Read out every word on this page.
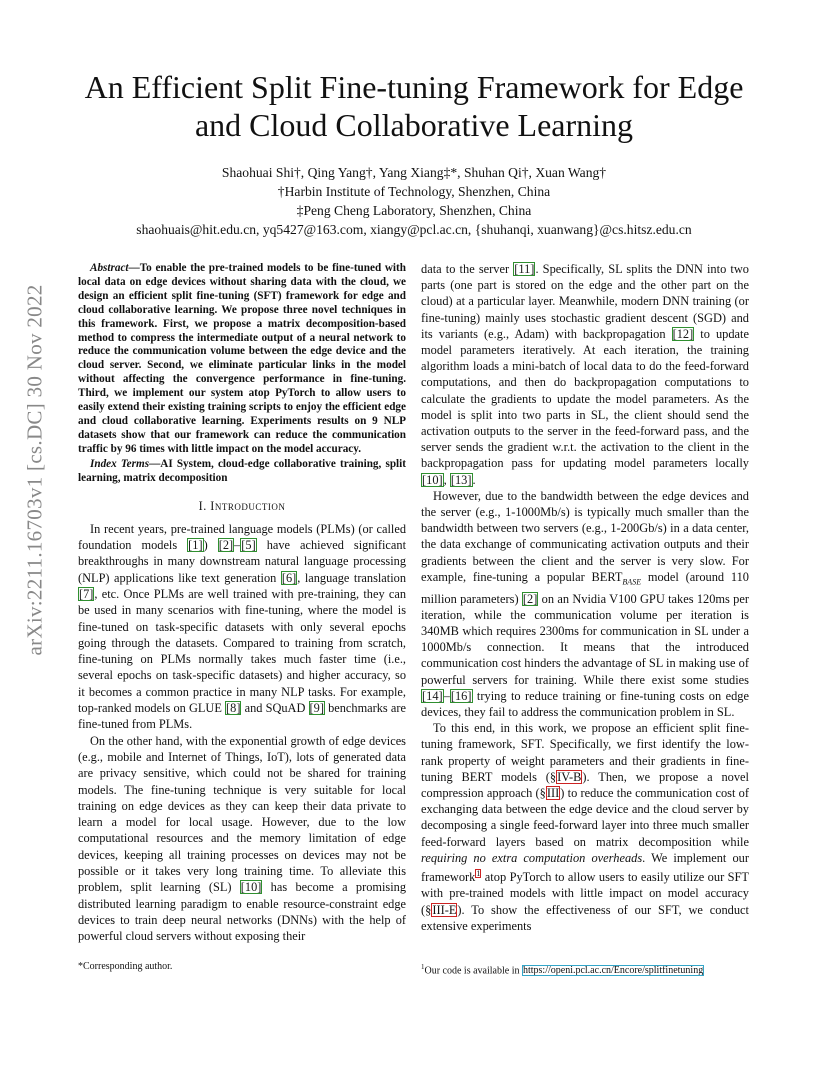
An Efficient Split Fine-tuning Framework for Edge
and Cloud Collaborative Learning
Shaohuai Shi†, Qing Yang†, Yang Xiang‡*, Shuhan Qi†, Xuan Wang†
†Harbin Institute of Technology, Shenzhen, China
‡Peng Cheng Laboratory, Shenzhen, China
shaohuais@hit.edu.cn, yq5427@163.com, xiangy@pcl.ac.cn, {shuhanqi, xuanwang}@cs.hitsz.edu.cn
arXiv:2211.16703v1 [cs.DC] 30 Nov 2022

Abstract—To enable the pre-trained models to be fine-tuned with local data on edge devices without sharing data with the cloud, we design an efficient split fine-tuning (SFT) framework for edge and cloud collaborative learning. We propose three novel techniques in this framework. First, we propose a matrix decomposition-based method to compress the intermediate output of a neural network to reduce the communication volume between the edge device and the cloud server. Second, we eliminate particular links in the model without affecting the convergence performance in fine-tuning. Third, we implement our system atop PyTorch to allow users to easily extend their existing training scripts to enjoy the efficient edge and cloud collaborative learning. Experiments results on 9 NLP datasets show that our framework can reduce the communication traffic by 96 times with little impact on the model accuracy.

Index Terms—AI System, cloud-edge collaborative training, split learning, matrix decomposition

I. Introduction

In recent years, pre-trained language models (PLMs) (or called foundation models [1]) [2]–[5] have achieved significant breakthroughs in many downstream natural language processing (NLP) applications like text generation [6], language translation [7], etc. Once PLMs are well trained with pre-training, they can be used in many scenarios with fine-tuning, where the model is fine-tuned on task-specific datasets with only several epochs going through the datasets. Compared to training from scratch, fine-tuning on PLMs normally takes much faster time (i.e., several epochs on task-specific datasets) and higher accuracy, so it becomes a common practice in many NLP tasks. For example, top-ranked models on GLUE [8] and SQuAD [9] benchmarks are fine-tuned from PLMs.

On the other hand, with the exponential growth of edge devices (e.g., mobile and Internet of Things, IoT), lots of generated data are privacy sensitive, which could not be shared for training models. The fine-tuning technique is very suitable for local training on edge devices as they can keep their data private to learn a model for local usage. However, due to the low computational resources and the memory limitation of edge devices, keeping all training processes on devices may not be possible or it takes very long training time. To alleviate this problem, split learning (SL) [10] has become a promising distributed learning paradigm to enable resource-constraint edge devices to train deep neural networks (DNNs) with the help of powerful cloud servers without exposing their

data to the server [11]. Specifically, SL splits the DNN into two parts (one part is stored on the edge and the other part on the cloud) at a particular layer. Meanwhile, modern DNN training (or fine-tuning) mainly uses stochastic gradient descent (SGD) and its variants (e.g., Adam) with backpropagation [12] to update model parameters iteratively. At each iteration, the training algorithm loads a mini-batch of local data to do the feed-forward computations, and then do backpropagation computations to calculate the gradients to update the model parameters. As the model is split into two parts in SL, the client should send the activation outputs to the server in the feed-forward pass, and the server sends the gradient w.r.t. the activation to the client in the backpropagation pass for updating model parameters locally [10], [13].

However, due to the bandwidth between the edge devices and the server (e.g., 1-1000Mb/s) is typically much smaller than the bandwidth between two servers (e.g., 1-200Gb/s) in a data center, the data exchange of communicating activation outputs and their gradients between the client and the server is very slow. For example, fine-tuning a popular $BERT_{BASE}$ model (around 110 million parameters) [2] on an Nvidia V100 GPU takes 120ms per iteration, while the communication volume per iteration is 340MB which requires 2300ms for communication in SL under a 1000Mb/s connection. It means that the introduced communication cost hinders the advantage of SL in making use of powerful servers for training. While there exist some studies [14]–[16] trying to reduce training or fine-tuning costs on edge devices, they fail to address the communication problem in SL.

To this end, in this work, we propose an efficient split fine-tuning framework, SFT. Specifically, we first identify the low-rank property of weight parameters and their gradients in fine-tuning BERT models (§IV-B). Then, we propose a novel compression approach (§III) to reduce the communication cost of exchanging data between the edge device and the cloud server by decomposing a single feed-forward layer into three much smaller feed-forward layers based on matrix decomposition while requiring no extra computation overheads. We implement our framework$^1$ atop PyTorch to allow users to easily utilize our SFT with pre-trained models with little impact on model accuracy (§III-E). To show the effectiveness of our SFT, we conduct extensive experiments

*Corresponding author.	$^1$Our code is available in https://openi.pcl.ac.cn/Encore/splitfinetuning
